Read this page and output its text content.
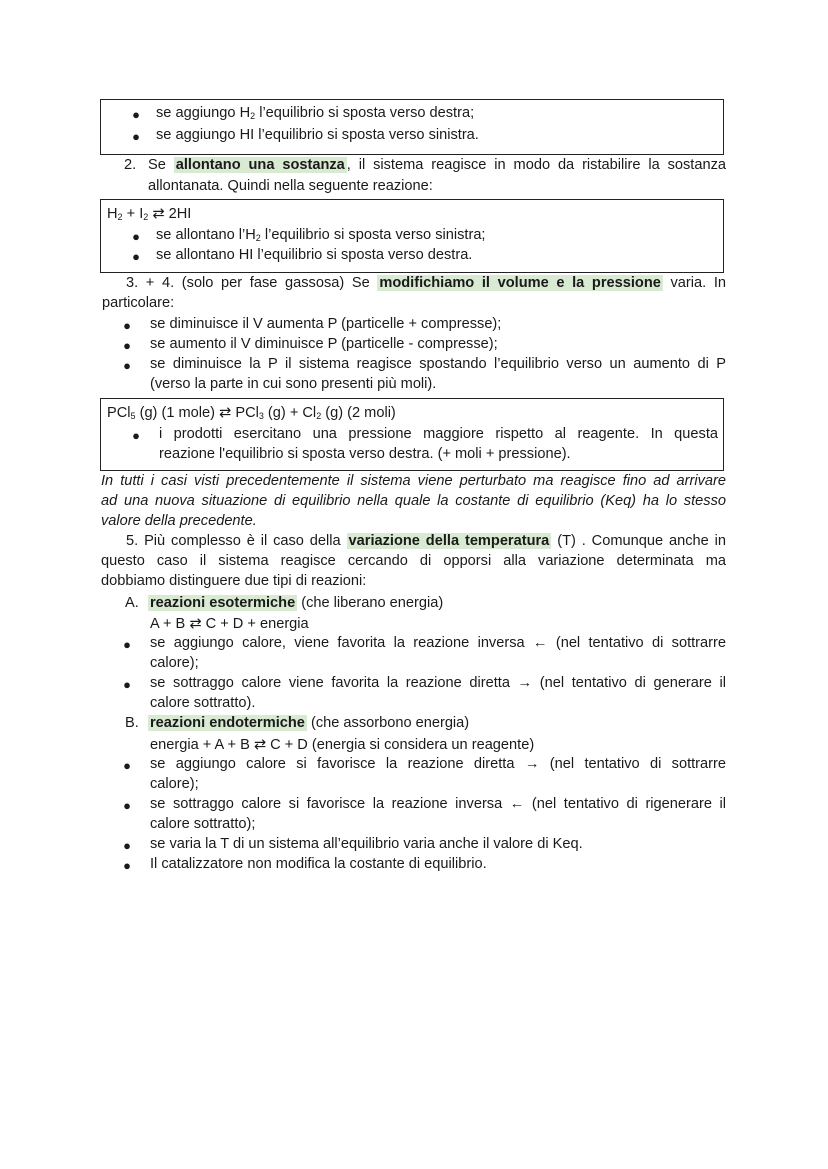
● se aggiungo $H_2$ l’equilibrio si sposta verso destra;
● se aggiungo HI l’equilibrio si sposta verso sinistra.
2. Se allontano una sostanza , il sistema reagisce in modo da ristabilire la sostanza
allontanata. Quindi nella seguente reazione:
$H_2 + I_2$ ⇄ 2HI
● se allontano $l’H_2$ l’equilibrio si sposta verso sinistra;
● se allontano HI l’equilibrio si sposta verso destra.
3. + 4. (solo per fase gassosa) Se modifichiamo il volume e la pressione varia. In
particolare:
● se diminuisce il V aumenta P (particelle + compresse);
● se aumento il V diminuisce P (particelle - compresse);
● se diminuisce la P il sistema reagisce spostando l’equilibrio verso un aumento di P
(verso la parte in cui sono presenti più moli).
PCl$_5$ (g) (1 mole) ⇄ PCl$_3$ $(g) + Cl_2$ (g) (2 moli)
● i prodotti esercitano una pressione maggiore rispetto al reagente. In questa
reazione l'equilibrio si sposta verso destra. (+ moli + pressione).
In tutti i casi visti precedentemente il sistema viene perturbato ma reagisce fino ad arrivare
ad una nuova situazione di equilibrio nella quale la costante di equilibrio (Keq) ha lo stesso
valore della precedente.
5. Più complesso è il caso della variazione della temperatura (T) . Comunque anche in
questo caso il sistema reagisce cercando di opporsi alla variazione determinata ma
dobbiamo distinguere due tipi di reazioni:
A. reazioni esotermiche (che liberano energia)
A + B ⇄ C + D + energia
● se aggiungo calore, viene favorita la reazione inversa ← (nel tentativo di sottrarre
calore);
● se sottraggo calore viene favorita la reazione diretta → (nel tentativo di generare il
calore sottratto).
B. reazioni endotermiche (che assorbono energia)
energia + A + B ⇄ C + D (energia si considera un reagente)
● se aggiungo calore si favorisce la reazione diretta → (nel tentativo di sottrarre
calore);
● se sottraggo calore si favorisce la reazione inversa ← (nel tentativo di rigenerare il
calore sottratto);
● se varia la T di un sistema all’equilibrio varia anche il valore di Keq.
● Il catalizzatore non modifica la costante di equilibrio.
